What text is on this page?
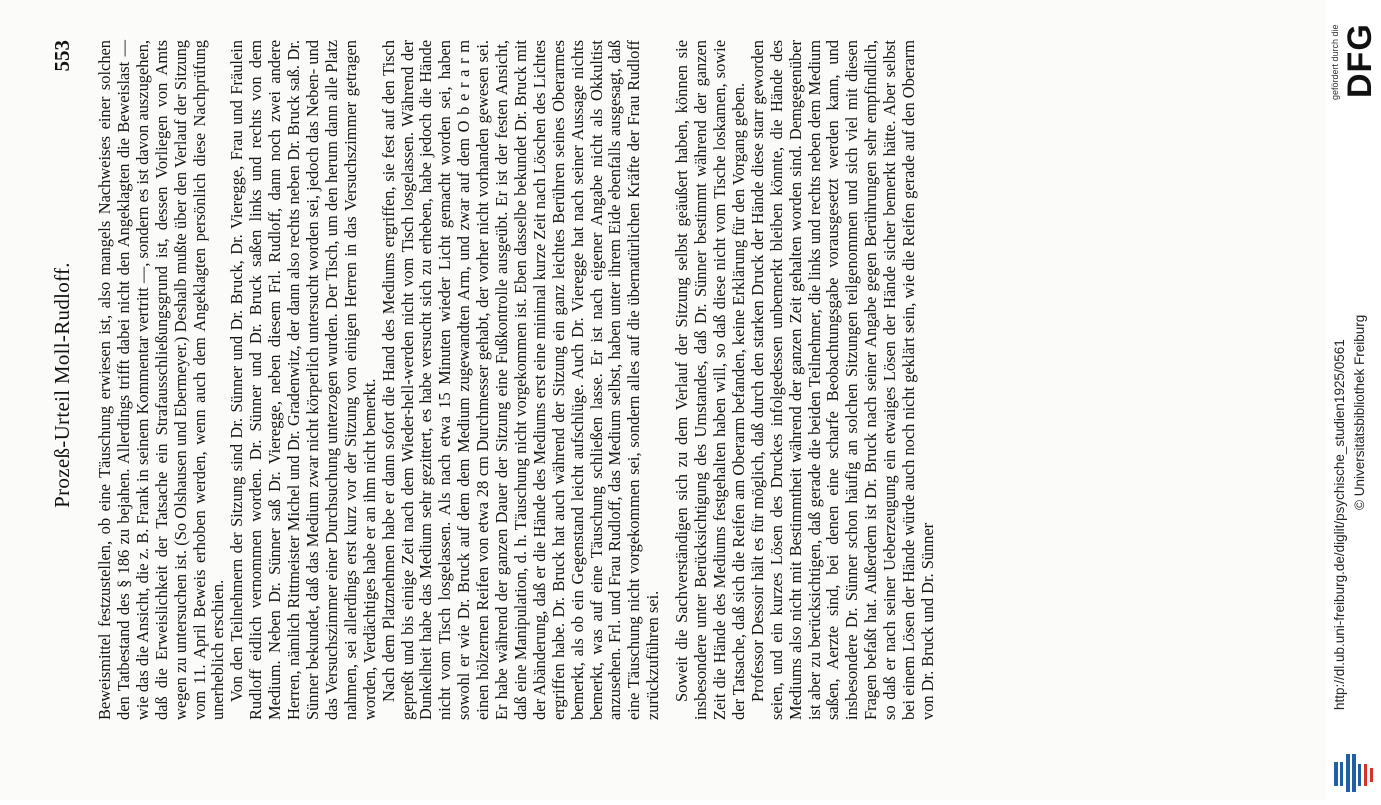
Prozeß-Urteil Moll-Rudloff.
553 Beweismittel festzustellen, ob eine Täuschung erwiesen ist, also mangels Nachweises einer solchen den Tatbestand des § 186 zu bejahen. Allerdings trifft dabei nicht den Angeklagten die Beweislast — wie das die Ansicht, die z. B. Frank in seinem Kommentar vertritt —, sondern es ist davon auszugehen, daß die Erweislichkeit der Tatsache ein Strafausschließungsgrund ist, dessen Vorliegen von Amts wegen zu untersuchen ist. (So Olshausen und Ebermeyer.) Deshalb mußte über den Verlauf der Sitzung vom 11. April Beweis erhoben werden, wenn auch dem Angeklagten persönlich diese Nachprüfung unerheblich erschien. Von den Teilnehmern der Sitzung sind Dr. Sünner und Dr. Bruck, Dr. Vieregge, Frau und Fräulein Rudloff eidlich vernommen worden. Dr. Sünner und Dr. Bruck saßen links und rechts von dem Medium. Neben Dr. Sünner saß Dr. Vieregge, neben diesem Frl. Rudloff, dann noch zwei andere Herren, nämlich Rittmeister Michel und Dr. Gradenwitz, der dann also rechts neben Dr. Bruck saß. Dr. Sünner bekundet, daß das Medium zwar nicht körperlich untersucht worden sei, jedoch das Neben- und das Versuchszimmer einer Durchsuchung unterzogen wurden. Der Tisch, um den herum dann alle Platz nahmen, sei allerdings erst kurz vor der Sitzung von einigen Herren in das Versuchszimmer getragen worden, Verdächtiges habe er an ihm nicht bemerkt. Nach dem Platznehmen habe er dann sofort die Hand des Mediums ergriffen, sie fest auf den Tisch gepreßt und bis einige Zeit nach dem Wieder-hell-werden nicht vom Tisch losgelassen. Während der Dunkelheit habe das Medium sehr gezittert, es habe versucht sich zu erheben, habe jedoch die Hände nicht vom Tisch losgelassen. Als nach etwa 15 Minuten wieder Licht gemacht worden sei, haben sowohl er wie Dr. Bruck auf dem dem Medium zugewandten Arm, und zwar auf dem O b e r a r m einen hölzernen Reifen von etwa 28 cm Durchmesser gehabt, der vorher nicht vorhanden gewesen sei. Er habe während der ganzen Dauer der Sitzung eine Fußkontrolle ausgeübt. Er ist der festen Ansicht, daß eine Manipulation, d. h. Täuschung nicht vorgekommen ist. Eben dasselbe bekundet Dr. Bruck mit der Abänderung, daß er die Hände des Mediums erst eine minimal kurze Zeit nach Löschen des Lichtes ergriffen habe. Dr. Bruck hat auch während der Sitzung ein ganz leichtes Berühren seines Oberarmes bemerkt, als ob ein Gegenstand leicht aufschlüge. Auch Dr. Vieregge hat nach seiner Aussage nichts bemerkt, was auf eine Täuschung schließen lasse. Er ist nach eigener Angabe nicht als Okkultist anzusehen. Frl. und Frau Rudloff, das Medium selbst, haben unter ihrem Eide ebenfalls ausgesagt, daß eine Täuschung nicht vorgekommen sei, sondern alles auf die übernatürlichen Kräfte der Frau Rudloff zurückzuführen sei. Soweit die Sachverständigen sich zu dem Verlauf der Sitzung selbst geäußert haben, können sie insbesondere unter Berücksichtigung des Umstandes, daß Dr. Sünner bestimmt während der ganzen Zeit die Hände des Mediums festgehalten haben will, so daß diese nicht vom Tische loskamen, sowie der Tatsache, daß sich die Reifen am Oberarm befanden, keine Erklärung für den Vorgang geben. Professor Dessoir hält es für möglich, daß durch den starken Druck der Hände diese starr geworden seien, und ein kurzes Lösen des Druckes infolgedessen unbemerkt bleiben könnte, die Hände des Mediums also nicht mit Bestimmtheit während der ganzen Zeit gehalten worden sind. Demgegenüber ist aber zu berücksichtigen, daß gerade die beiden Teilnehmer, die links und rechts neben dem Medium saßen, Aerzte sind, bei denen eine scharfe Beobachtungsgabe vorausgesetzt werden kann, und insbesondere Dr. Sünner schon häufig an solchen Sitzungen teilgenommen und sich viel mit diesen Fragen befaßt hat. Außerdem ist Dr. Bruck nach seiner Angabe gegen Berührungen sehr empfindlich, so daß er nach seiner Ueberzeugung ein etwaiges Lösen der Hände sicher bemerkt hätte. Aber selbst bei einem Lösen der Hände würde auch noch nicht geklärt sein, wie die Reifen gerade auf den Oberarm von Dr. Bruck und Dr. Sünner

gefördert durch die DFG
http://dl.ub.uni-freiburg.de/diglit/psychische_studien1925/0561 © Universitätsbibliothek Freiburg
